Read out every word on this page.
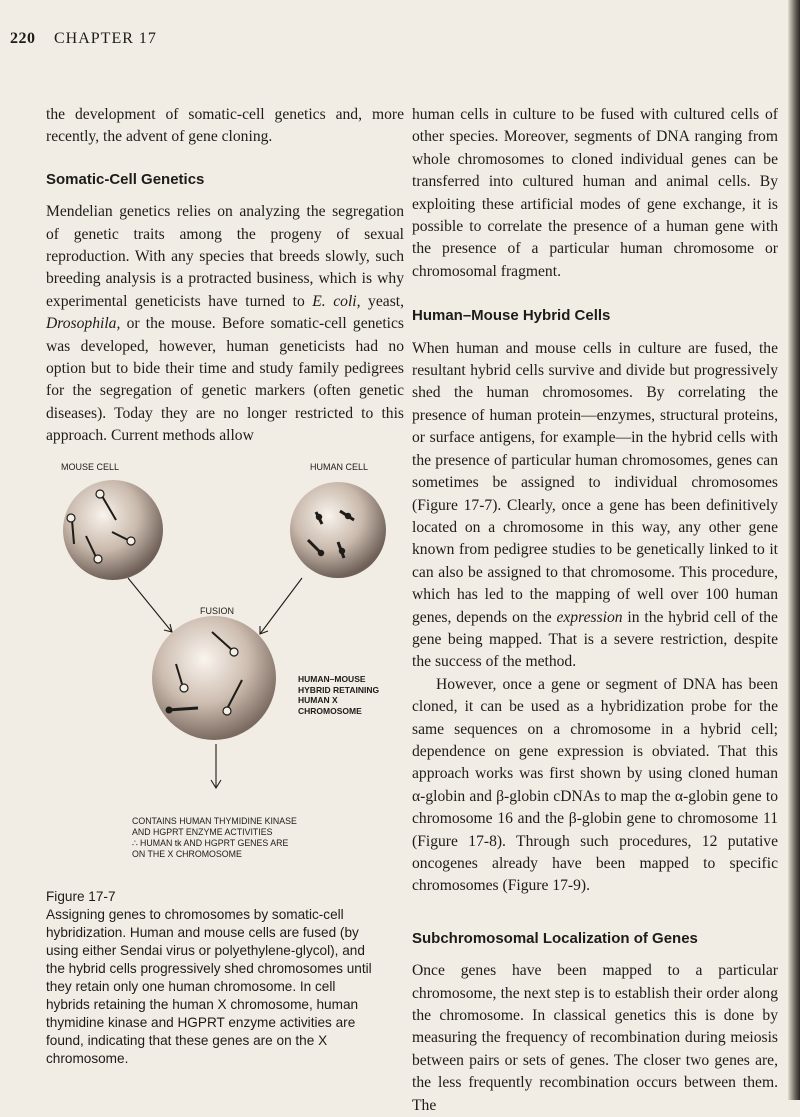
220 CHAPTER 17

the development of somatic-cell genetics and, more recently, the advent of gene cloning.

Somatic-Cell Genetics

Mendelian genetics relies on analyzing the segregation of genetic traits among the progeny of sexual reproduction. With any species that breeds slowly, such breeding analysis is a protracted business, which is why experimental geneticists have turned to E. coli, yeast, Drosophila, or the mouse. Before somatic-cell genetics was developed, however, human geneticists had no option but to bide their time and study family pedigrees for the segregation of genetic markers (often genetic diseases). Today they are no longer restricted to this approach. Current methods allow

MOUSE CELL	HUMAN CELL
FUSION
HUMAN–MOUSE
HYBRID RETAINING
HUMAN X
CHROMOSOME
CONTAINS HUMAN THYMIDINE KINASE
AND HGPRT ENZYME ACTIVITIES
∴ HUMAN tk AND HGPRT GENES ARE
ON THE X CHROMOSOME
Figure 17-7
Assigning genes to chromosomes by somatic-cell hybridization. Human and mouse cells are fused (by using either Sendai virus or polyethylene-glycol), and the hybrid cells progressively shed chromosomes until they retain only one human chromosome. In cell hybrids retaining the human X chromosome, human thymidine kinase and HGPRT enzyme activities are found, indicating that these genes are on the X chromosome.

human cells in culture to be fused with cultured cells of other species. Moreover, segments of DNA ranging from whole chromosomes to cloned individual genes can be transferred into cultured human and animal cells. By exploiting these artificial modes of gene exchange, it is possible to correlate the presence of a human gene with the presence of a particular human chromosome or chromosomal fragment.

Human–Mouse Hybrid Cells

When human and mouse cells in culture are fused, the resultant hybrid cells survive and divide but progressively shed the human chromosomes. By correlating the presence of human protein—enzymes, structural proteins, or surface antigens, for example—in the hybrid cells with the presence of particular human chromosomes, genes can sometimes be assigned to individual chromosomes (Figure 17-7). Clearly, once a gene has been definitively located on a chromosome in this way, any other gene known from pedigree studies to be genetically linked to it can also be assigned to that chromosome. This procedure, which has led to the mapping of well over 100 human genes, depends on the expression in the hybrid cell of the gene being mapped. That is a severe restriction, despite the success of the method.

However, once a gene or segment of DNA has been cloned, it can be used as a hybridization probe for the same sequences on a chromosome in a hybrid cell; dependence on gene expression is obviated. That this approach works was first shown by using cloned human α-globin and β-globin cDNAs to map the α-globin gene to chromosome 16 and the β-globin gene to chromosome 11 (Figure 17-8). Through such procedures, 12 putative oncogenes already have been mapped to specific chromosomes (Figure 17-9).

Subchromosomal Localization of Genes

Once genes have been mapped to a particular chromosome, the next step is to establish their order along the chromosome. In classical genetics this is done by measuring the frequency of recombination during meiosis between pairs or sets of genes. The closer two genes are, the less frequently recombination occurs between them. The
